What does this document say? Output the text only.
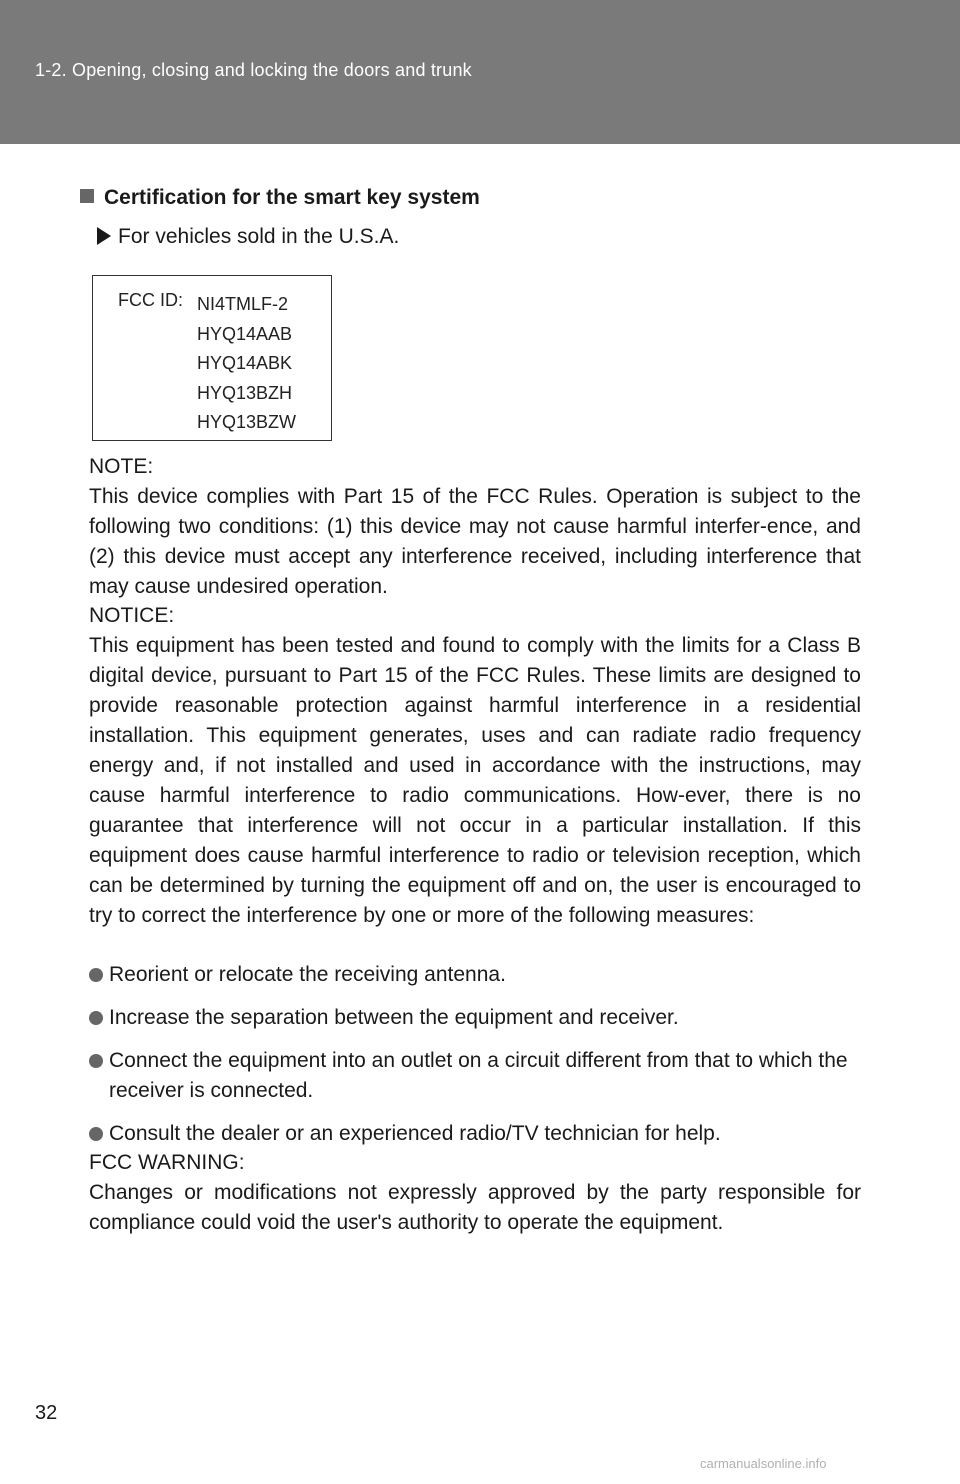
1-2. Opening, closing and locking the doors and trunk
Certification for the smart key system
For vehicles sold in the U.S.A.
FCC ID: NI4TMLF-2
HYQ14AAB
HYQ14ABK
HYQ13BZH
HYQ13BZW
NOTE:
This device complies with Part 15 of the FCC Rules. Operation is subject to the following two conditions: (1) this device may not cause harmful interfer-ence, and (2) this device must accept any interference received, including interference that may cause undesired operation.
NOTICE:
This equipment has been tested and found to comply with the limits for a Class B digital device, pursuant to Part 15 of the FCC Rules. These limits are designed to provide reasonable protection against harmful interference in a residential installation. This equipment generates, uses and can radiate radio frequency energy and, if not installed and used in accordance with the instructions, may cause harmful interference to radio communications. How-ever, there is no guarantee that interference will not occur in a particular installation. If this equipment does cause harmful interference to radio or television reception, which can be determined by turning the equipment off and on, the user is encouraged to try to correct the interference by one or more of the following measures:
Reorient or relocate the receiving antenna.
Increase the separation between the equipment and receiver.
Connect the equipment into an outlet on a circuit different from that to which the receiver is connected.
Consult the dealer or an experienced radio/TV technician for help.
FCC WARNING:
Changes or modifications not expressly approved by the party responsible for compliance could void the user's authority to operate the equipment.
32
carmanualsonline.info
